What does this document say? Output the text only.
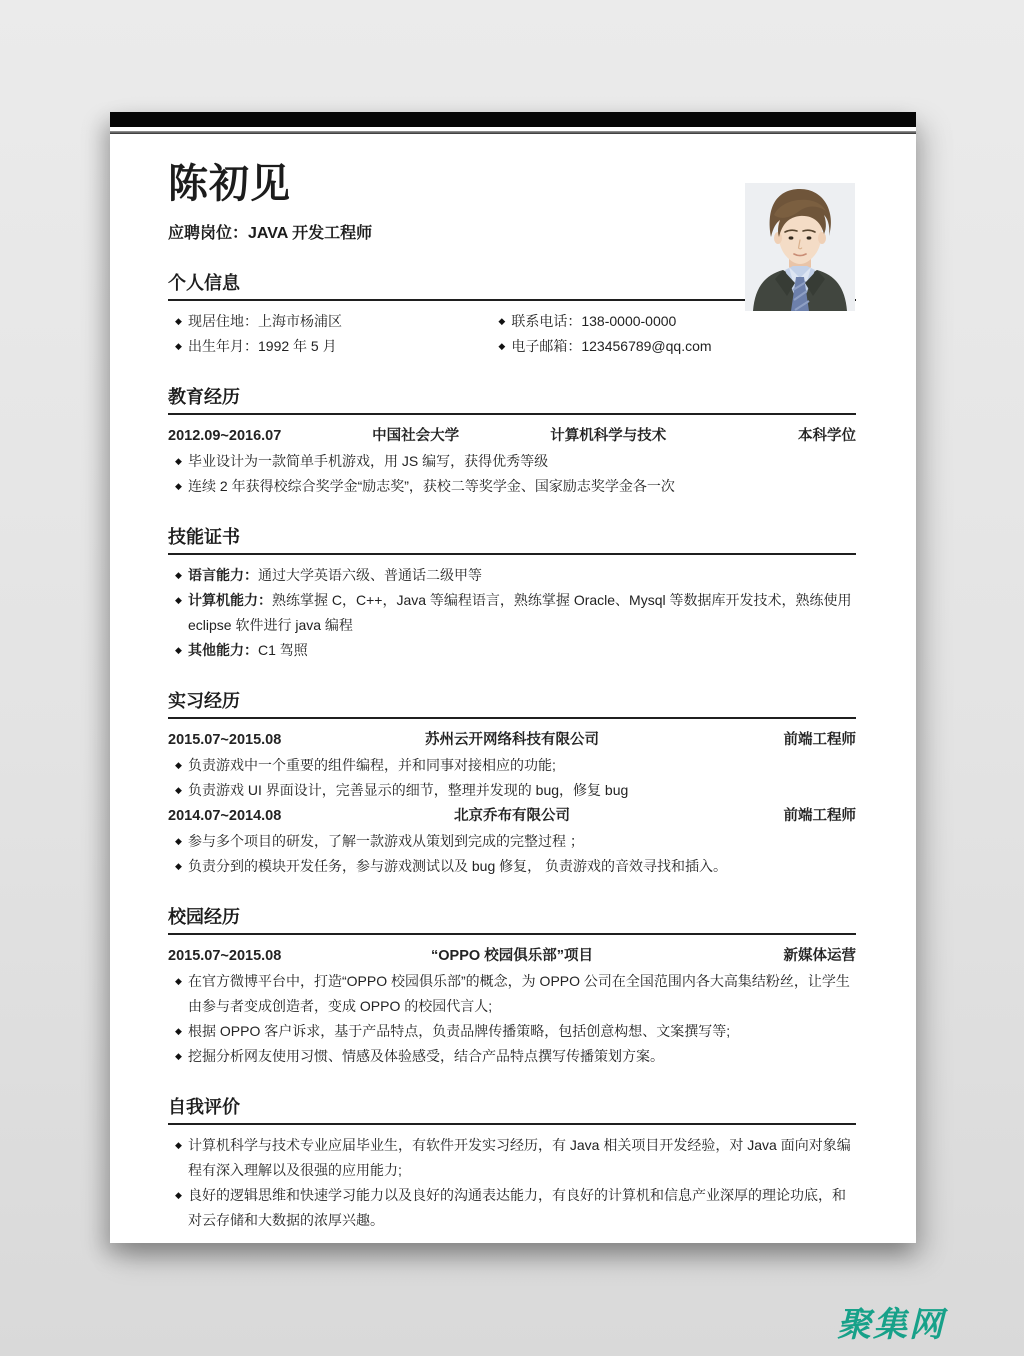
陈初见
应聘岗位：JAVA 开发工程师
个人信息
◆ 现居住地：上海市杨浦区
◆ 出生年月：1992 年 5 月
◆ 联系电话：138-0000-0000
◆ 电子邮箱：123456789@qq.com
教育经历
2012.09~2016.07	中国社会大学	计算机科学与技术	本科学位
◆ 毕业设计为一款简单手机游戏，用 JS 编写，获得优秀等级
◆ 连续 2 年获得校综合奖学金“励志奖”，获校二等奖学金、国家励志奖学金各一次
技能证书
◆ 语言能力：通过大学英语六级、普通话二级甲等
◆ 计算机能力：熟练掌握 C，C++，Java 等编程语言，熟练掌握 Oracle、Mysql 等数据库开发技术，熟练使用 eclipse 软件进行 java 编程
◆ 其他能力：C1 驾照
实习经历
2015.07~2015.08	苏州云开网络科技有限公司	前端工程师
◆ 负责游戏中一个重要的组件编程，并和同事对接相应的功能;
◆ 负责游戏 UI 界面设计，完善显示的细节，整理并发现的 bug，修复 bug
2014.07~2014.08	北京乔布有限公司	前端工程师
◆ 参与多个项目的研发，了解一款游戏从策划到完成的完整过程 ；
◆ 负责分到的模块开发任务，参与游戏测试以及 bug 修复， 负责游戏的音效寻找和插入。
校园经历
2015.07~2015.08	“OPPO 校园俱乐部”项目	新媒体运营
◆ 在官方微博平台中，打造“OPPO 校园俱乐部”的概念，为 OPPO 公司在全国范围内各大高集结粉丝，让学生由参与者变成创造者，变成 OPPO 的校园代言人;
◆ 根据 OPPO 客户诉求，基于产品特点，负责品牌传播策略，包括创意构想、文案撰写等;
◆ 挖掘分析网友使用习惯、情感及体验感受，结合产品特点撰写传播策划方案。
自我评价
◆ 计算机科学与技术专业应届毕业生，有软件开发实习经历，有 Java 相关项目开发经验，对 Java 面向对象编程有深入理解以及很强的应用能力;
◆ 良好的逻辑思维和快速学习能力以及良好的沟通表达能力，有良好的计算机和信息产业深厚的理论功底，和对云存储和大数据的浓厚兴趣。
聚集网
